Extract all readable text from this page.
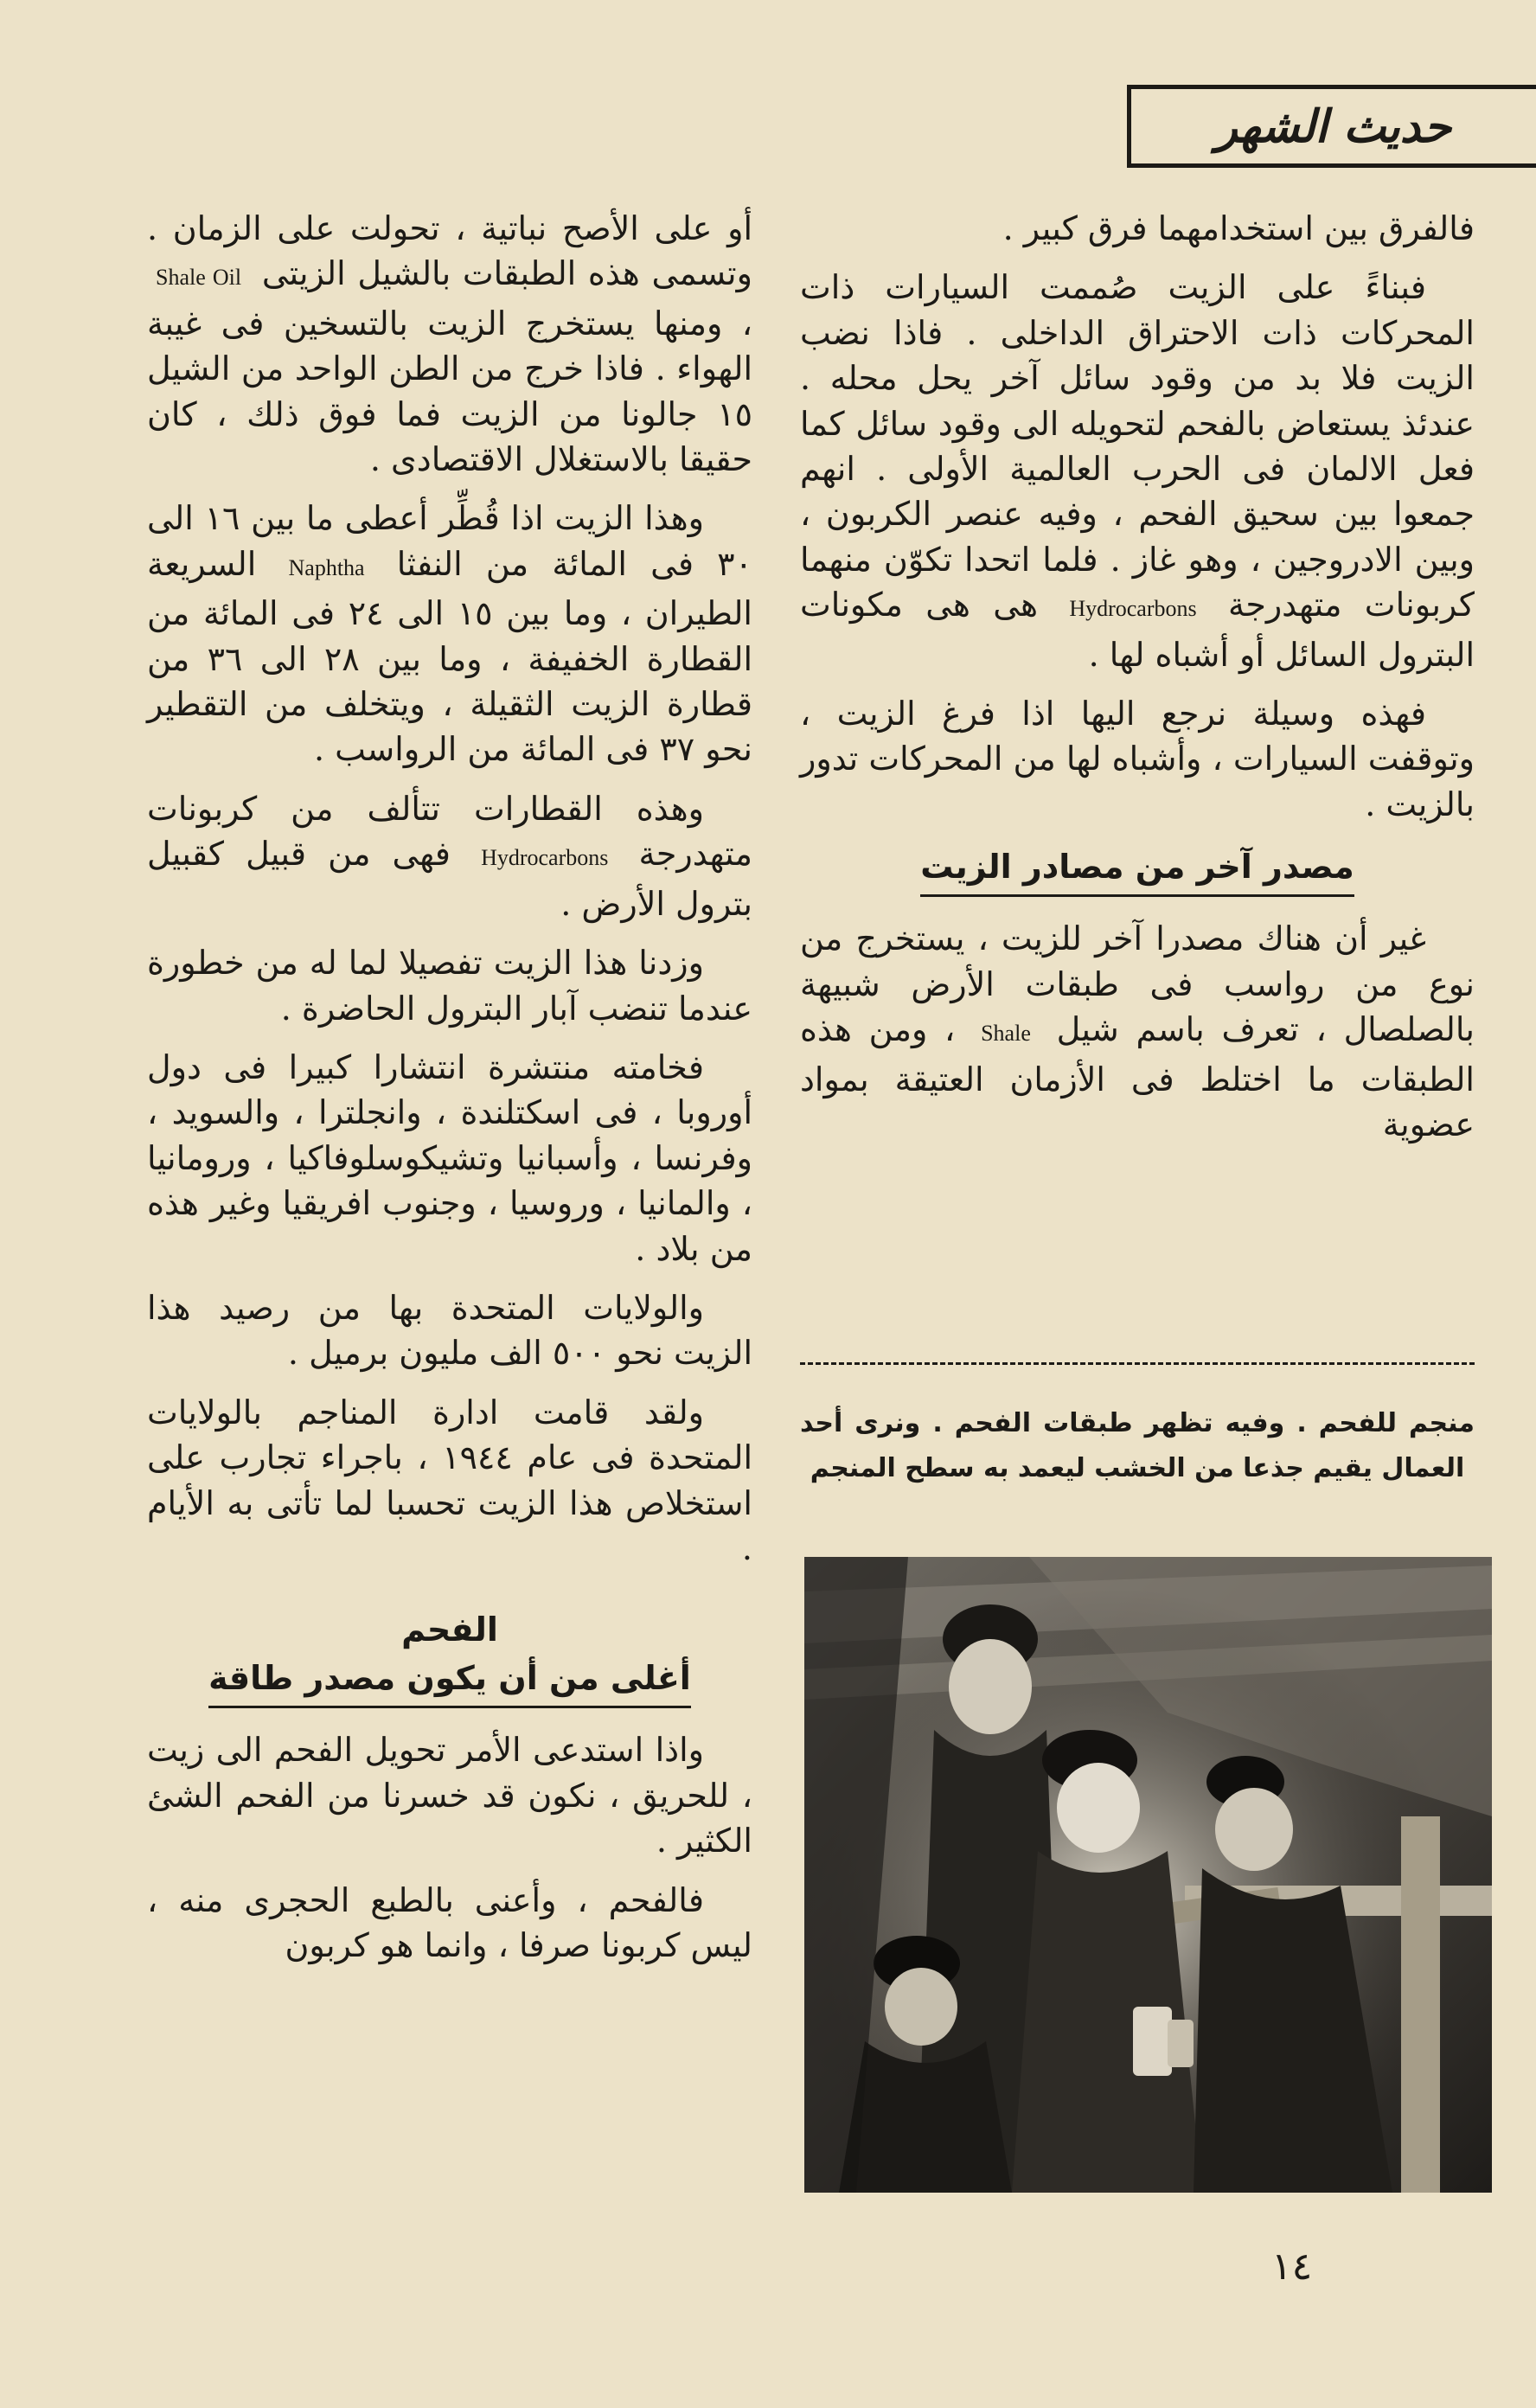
حديث الشهر

فالفرق بين استخدامهما فرق كبير .

فبناءً على الزيت صُممت السيارات ذات المحركات ذات الاحتراق الداخلى . فاذا نضب الزيت فلا بد من وقود سائل آخر يحل محله . عندئذ يستعاض بالفحم لتحويله الى وقود سائل كما فعل الالمان فى الحرب العالمية الأولى . انهم جمعوا بين سحيق الفحم ، وفيه عنصر الكربون ، وبين الادروجين ، وهو غاز . فلما اتحدا تكوّن منهما كربونات متهدرجة Hydrocarbons هى هى مكونات البترول السائل أو أشباه لها .

فهذه وسيلة نرجع اليها اذا فرغ الزيت ، وتوقفت السيارات ، وأشباه لها من المحركات تدور بالزيت .

مصدر آخر من مصادر الزيت

غير أن هناك مصدرا آخر للزيت ، يستخرج من نوع من رواسب فى طبقات الأرض شبيهة بالصلصال ، تعرف باسم شيل Shale ، ومن هذه الطبقات ما اختلط فى الأزمان العتيقة بمواد عضوية

منجم للفحم . وفيه تظهر طبقات الفحم . ونرى أحد العمال يقيم جذعا من الخشب ليعمد به سطح المنجم

أو على الأصح نباتية ، تحولت على الزمان . وتسمى هذه الطبقات بالشيل الزيتى Shale Oil ، ومنها يستخرج الزيت بالتسخين فى غيبة الهواء . فاذا خرج من الطن الواحد من الشيل ١٥ جالونا من الزيت فما فوق ذلك ، كان حقيقا بالاستغلال الاقتصادى .

وهذا الزيت اذا قُطِّر أعطى ما بين ١٦ الى ٣٠ فى المائة من النفثا Naphtha السريعة الطيران ، وما بين ١٥ الى ٢٤ فى المائة من القطارة الخفيفة ، وما بين ٢٨ الى ٣٦ من قطارة الزيت الثقيلة ، ويتخلف من التقطير نحو ٣٧ فى المائة من الرواسب .

وهذه القطارات تتألف من كربونات متهدرجة Hydrocarbons فهى من قبيل كقبيل بترول الأرض .

وزدنا هذا الزيت تفصيلا لما له من خطورة عندما تنضب آبار البترول الحاضرة .

فخامته منتشرة انتشارا كبيرا فى دول أوروبا ، فى اسكتلندة ، وانجلترا ، والسويد ، وفرنسا ، وأسبانيا وتشيكوسلوفاكيا ، ورومانيا ، والمانيا ، وروسيا ، وجنوب افريقيا وغير هذه من بلاد .

والولايات المتحدة بها من رصيد هذا الزيت نحو ٥٠٠ الف مليون برميل .

ولقد قامت ادارة المناجم بالولايات المتحدة فى عام ١٩٤٤ ، باجراء تجارب على استخلاص هذا الزيت تحسبا لما تأتى به الأيام .

الفحم
أغلى من أن يكون مصدر طاقة

واذا استدعى الأمر تحويل الفحم الى زيت ، للحريق ، نكون قد خسرنا من الفحم الشئ الكثير .

فالفحم ، وأعنى بالطبع الحجرى منه ، ليس كربونا صرفا ، وانما هو كربون

١٤
